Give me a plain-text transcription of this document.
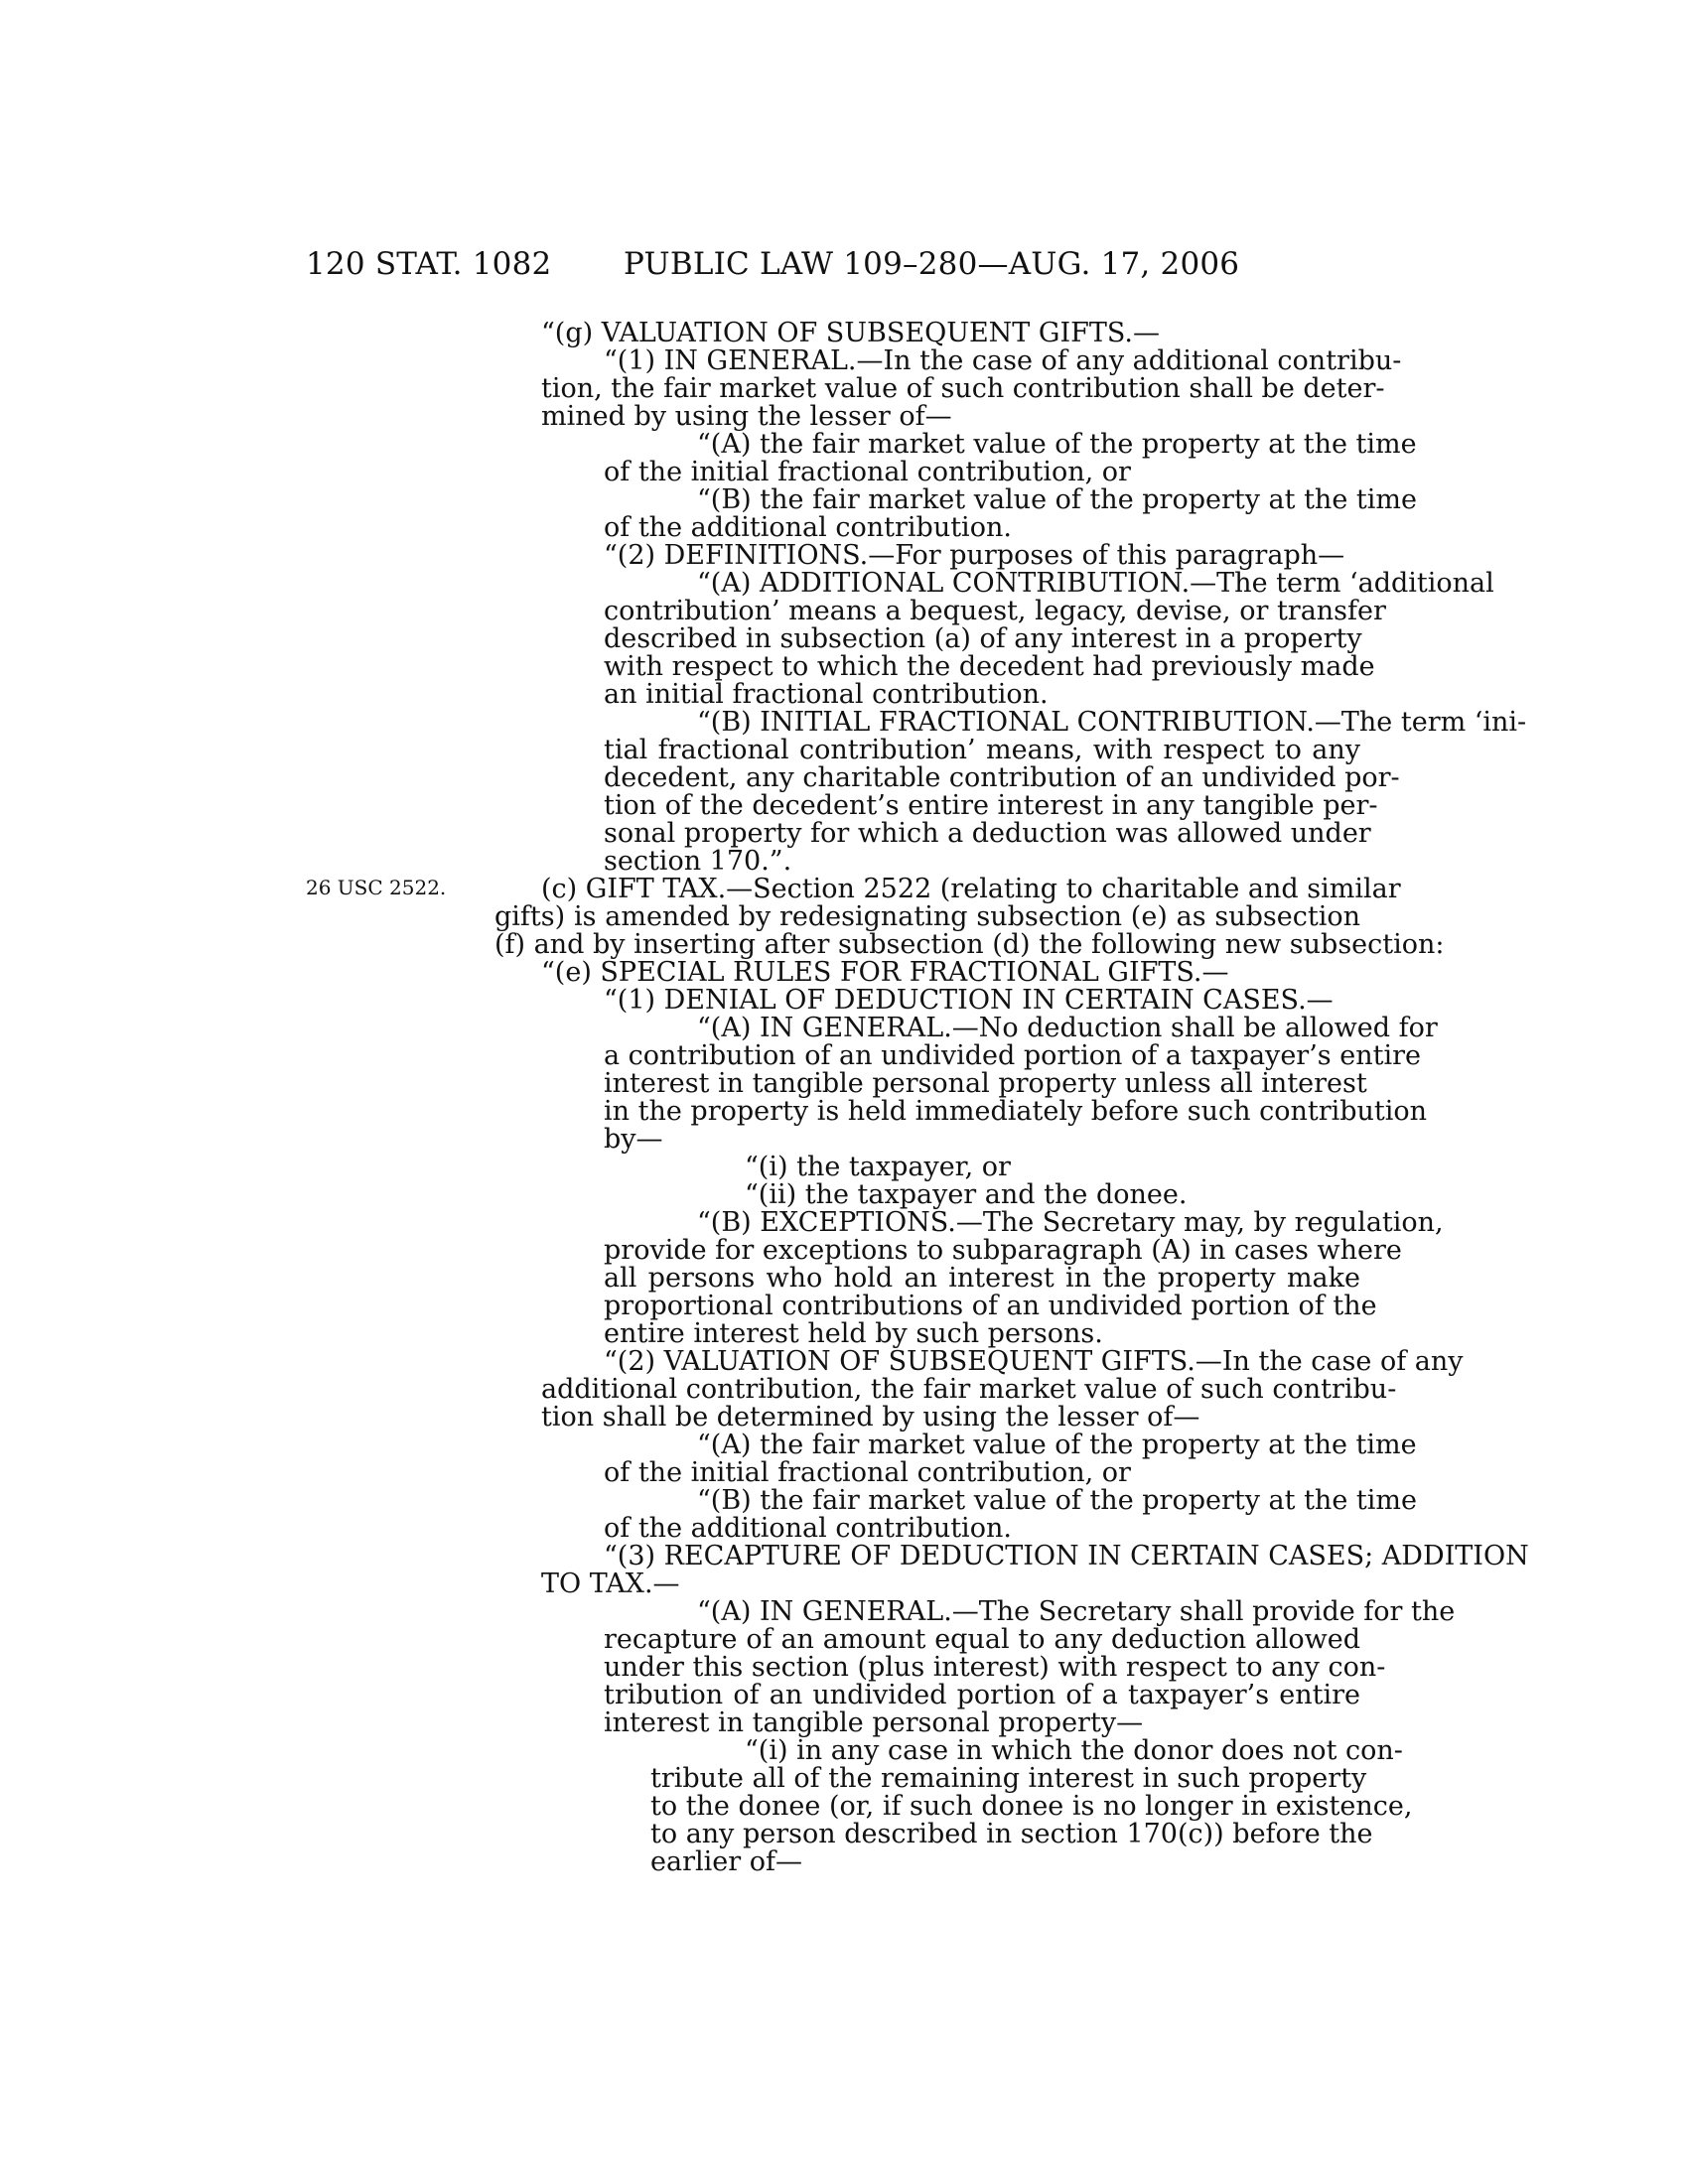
120 STAT. 1082 PUBLIC LAW 109–280—AUG. 17, 2006
26 USC 2522.
“(g) VALUATION OF SUBSEQUENT GIFTS.—
“(1) IN GENERAL.—In the case of any additional contribu-
tion, the fair market value of such contribution shall be deter-
mined by using the lesser of—
“(A) the fair market value of the property at the time
of the initial fractional contribution, or
“(B) the fair market value of the property at the time
of the additional contribution.
“(2) DEFINITIONS.—For purposes of this paragraph—
“(A) ADDITIONAL CONTRIBUTION.—The term ‘additional
contribution’ means a bequest, legacy, devise, or transfer
described in subsection (a) of any interest in a property
with respect to which the decedent had previously made
an initial fractional contribution.
“(B) INITIAL FRACTIONAL CONTRIBUTION.—The term ‘ini-
tial fractional contribution’ means, with respect to any
decedent, any charitable contribution of an undivided por-
tion of the decedent’s entire interest in any tangible per-
sonal property for which a deduction was allowed under
section 170.”.
(c) GIFT TAX.—Section 2522 (relating to charitable and similar
gifts) is amended by redesignating subsection (e) as subsection
(f) and by inserting after subsection (d) the following new subsection:
“(e) SPECIAL RULES FOR FRACTIONAL GIFTS.—
“(1) DENIAL OF DEDUCTION IN CERTAIN CASES.—
“(A) IN GENERAL.—No deduction shall be allowed for
a contribution of an undivided portion of a taxpayer’s entire
interest in tangible personal property unless all interest
in the property is held immediately before such contribution
by—
“(i) the taxpayer, or
“(ii) the taxpayer and the donee.
“(B) EXCEPTIONS.—The Secretary may, by regulation,
provide for exceptions to subparagraph (A) in cases where
all persons who hold an interest in the property make
proportional contributions of an undivided portion of the
entire interest held by such persons.
“(2) VALUATION OF SUBSEQUENT GIFTS.—In the case of any
additional contribution, the fair market value of such contribu-
tion shall be determined by using the lesser of—
“(A) the fair market value of the property at the time
of the initial fractional contribution, or
“(B) the fair market value of the property at the time
of the additional contribution.
“(3) RECAPTURE OF DEDUCTION IN CERTAIN CASES; ADDITION
TO TAX.—
“(A) IN GENERAL.—The Secretary shall provide for the
recapture of an amount equal to any deduction allowed
under this section (plus interest) with respect to any con-
tribution of an undivided portion of a taxpayer’s entire
interest in tangible personal property—
“(i) in any case in which the donor does not con-
tribute all of the remaining interest in such property
to the donee (or, if such donee is no longer in existence,
to any person described in section 170(c)) before the
earlier of—
